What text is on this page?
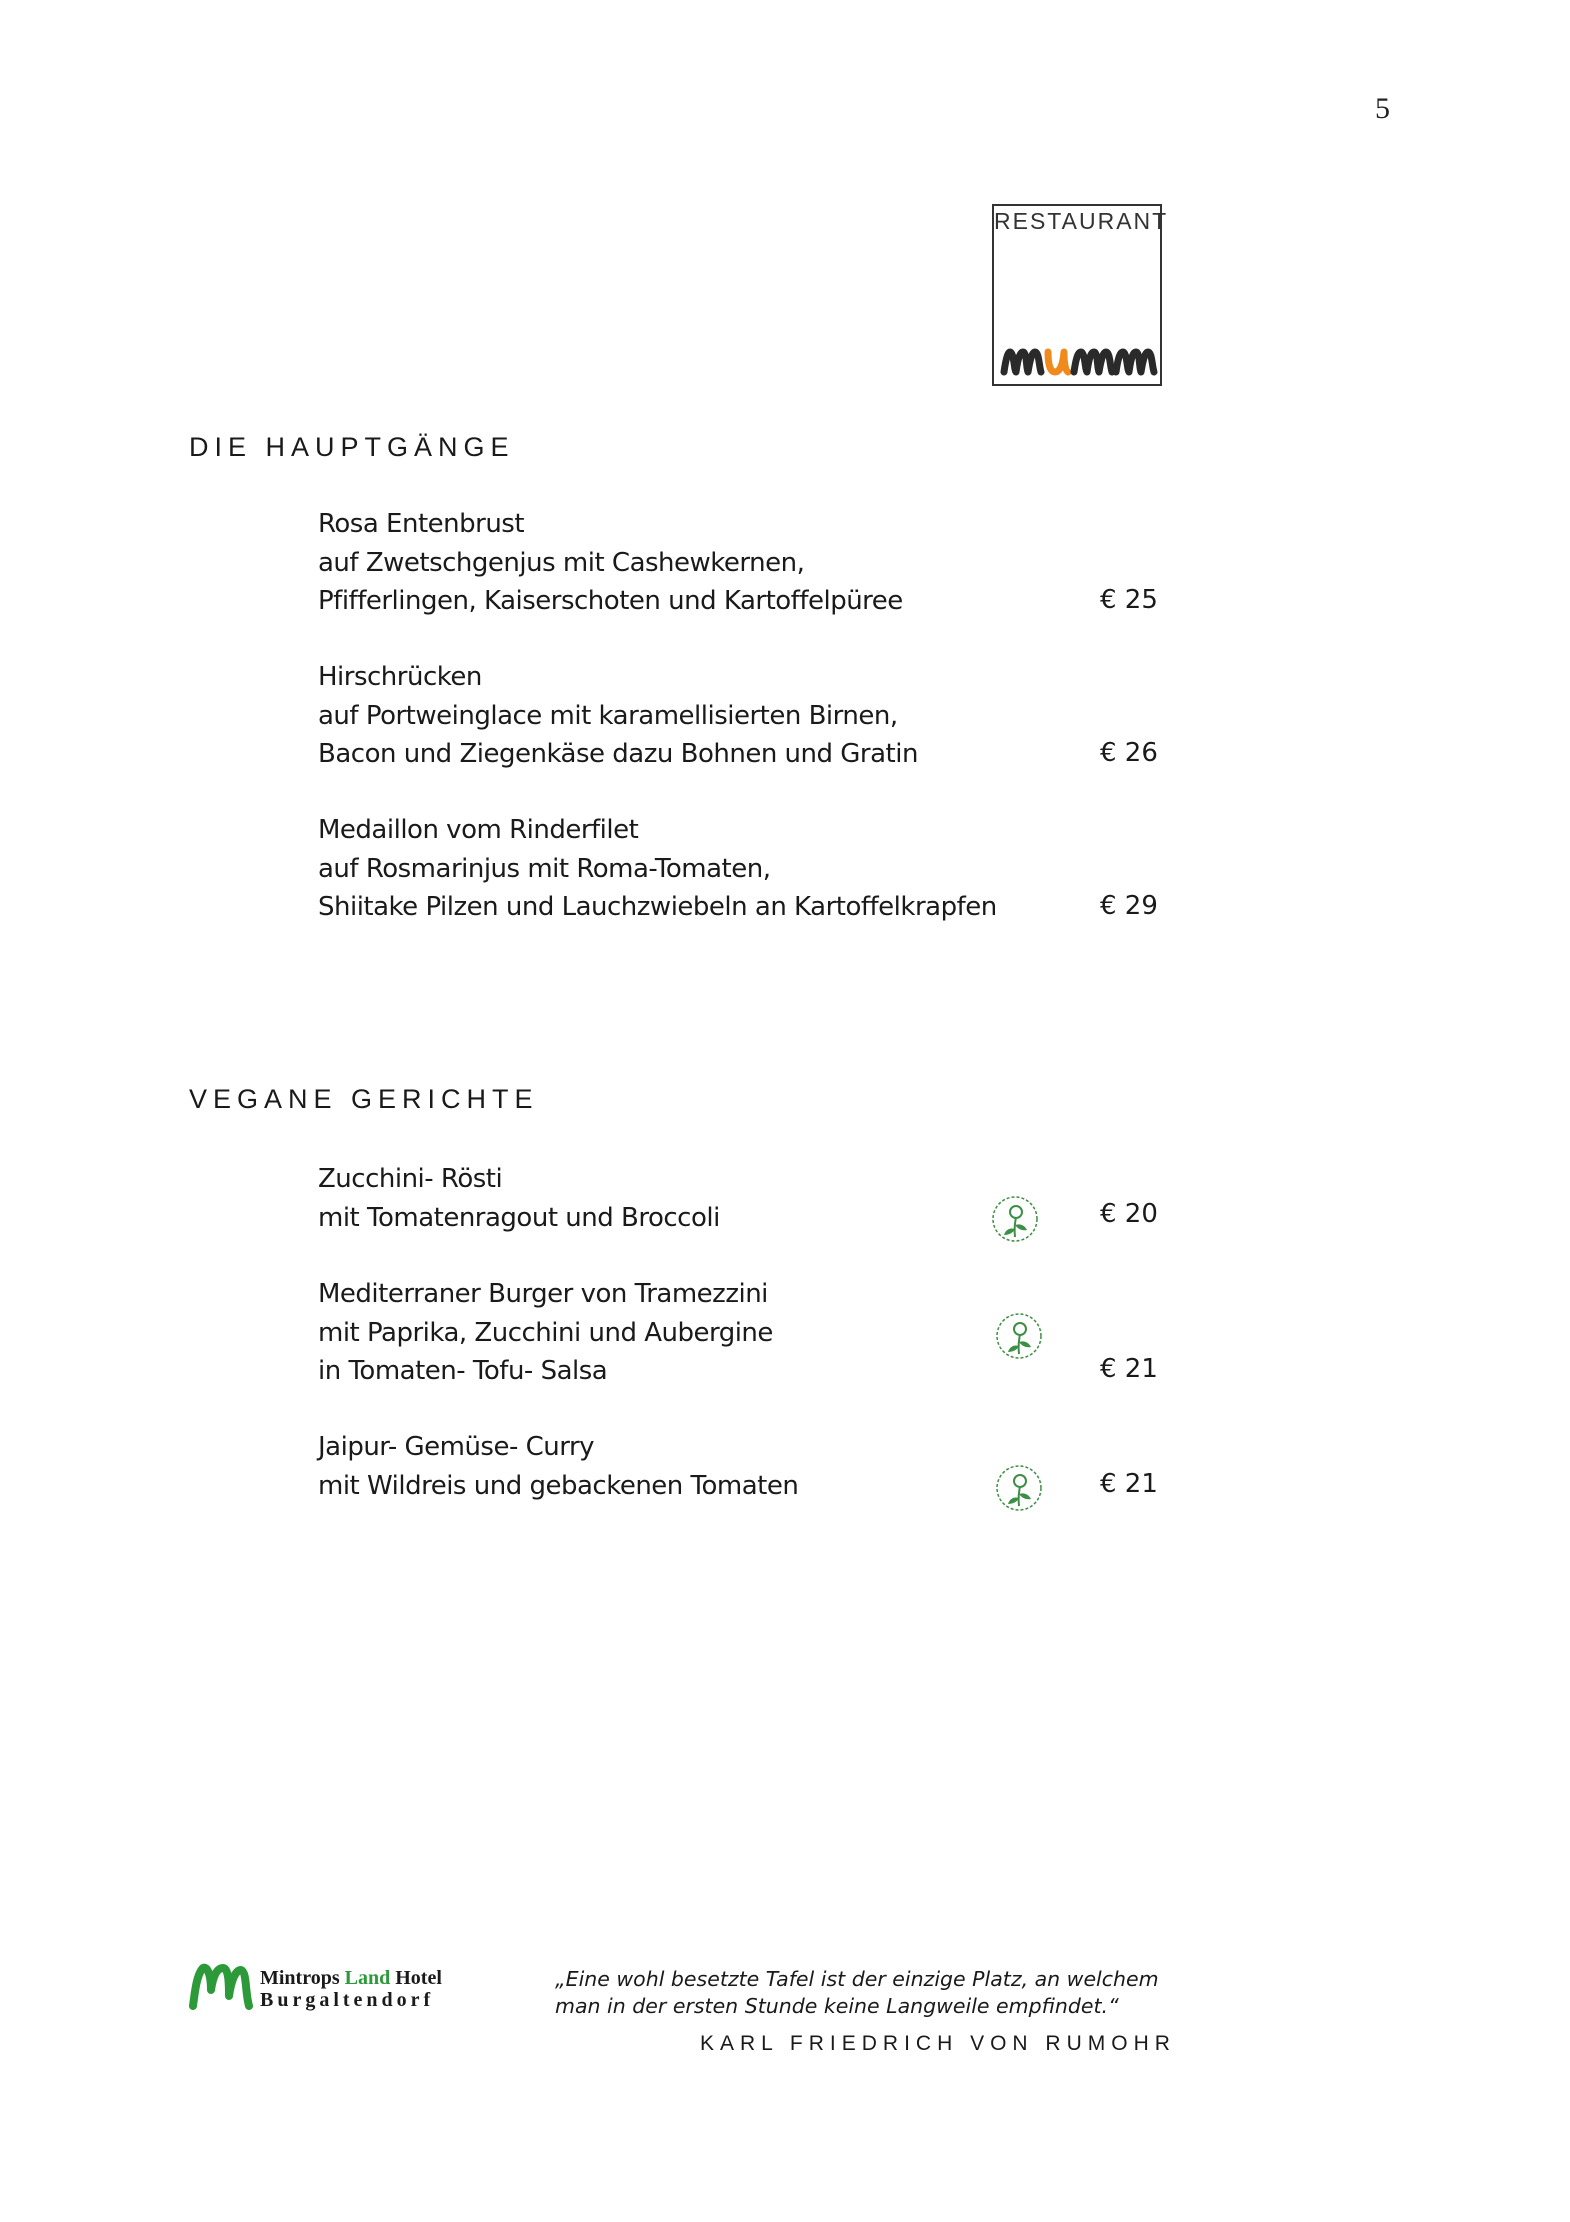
5
RESTAURANT
DIE HAUPTGÄNGE
Rosa Entenbrust
auf Zwetschgenjus mit Cashewkernen,
Pfifferlingen, Kaiserschoten und Kartoffelpüree	€ 25
Hirschrücken
auf Portweinglace mit karamellisierten Birnen,
Bacon und Ziegenkäse dazu Bohnen und Gratin	€ 26
Medaillon vom Rinderfilet
auf Rosmarinjus mit Roma-Tomaten,
Shiitake Pilzen und Lauchzwiebeln an Kartoffelkrapfen	€ 29
VEGANE GERICHTE
Zucchini- Rösti
mit Tomatenragout und Broccoli	€ 20
Mediterraner Burger von Tramezzini
mit Paprika, Zucchini und Aubergine
in Tomaten- Tofu- Salsa	€ 21
Jaipur- Gemüse- Curry
mit Wildreis und gebackenen Tomaten	€ 21
Mintrops Land Hotel
Burgaltendorf
„Eine wohl besetzte Tafel ist der einzige Platz, an welchem
man in der ersten Stunde keine Langweile empfindet.“
KARL FRIEDRICH VON RUMOHR
